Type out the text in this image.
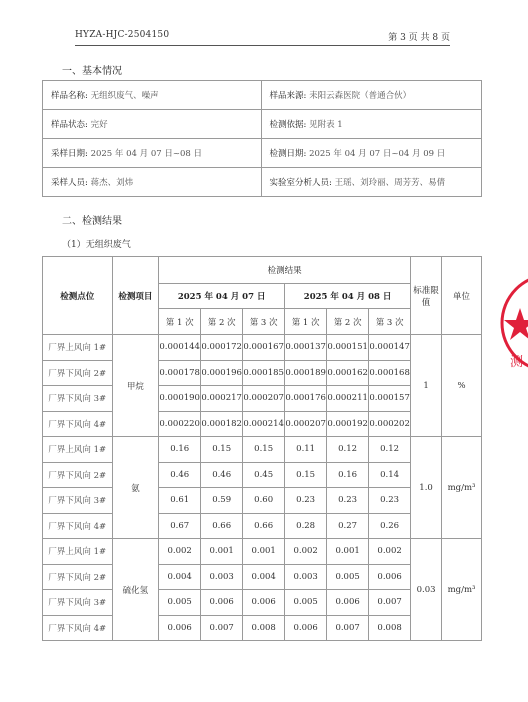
HYZA-HJC-2504150	第 3 页 共 8 页
一、基本情况
样品名称: 无组织废气、噪声	样品来源: 耒阳云森医院（普通合伙）
样品状态: 完好	检测依据: 见附表 1
采样日期: 2025 年 04 月 07 日~08 日	检测日期: 2025 年 04 月 07 日~04 月 09 日
采样人员: 蒋杰、刘炜	实验室分析人员: 王瑶、刘玲丽、周芳芳、易倩
二、检测结果
（1）无组织废气
检测点位	检测项目	检测结果						标准限值	单位
		2025 年 04 月 07 日			2025 年 04 月 08 日				
		第 1 次	第 2 次	第 3 次	第 1 次	第 2 次	第 3 次		
厂界上风向 1#	甲烷	0.000144	0.000172	0.000167	0.000137	0.000151	0.000147	1	%
厂界下风向 2#		0.000178	0.000196	0.000185	0.000189	0.000162	0.000168		
厂界下风向 3#		0.000190	0.000217	0.000207	0.000176	0.000211	0.000157		
厂界下风向 4#		0.000220	0.000182	0.000214	0.000207	0.000192	0.000202		
厂界上风向 1#	氨	0.16	0.15	0.15	0.11	0.12	0.12	1.0	mg/m³
厂界下风向 2#		0.46	0.46	0.45	0.15	0.16	0.14		
厂界下风向 3#		0.61	0.59	0.60	0.23	0.23	0.23		
厂界下风向 4#		0.67	0.66	0.66	0.28	0.27	0.26		
厂界上风向 1#	硫化氢	0.002	0.001	0.001	0.002	0.001	0.002	0.03	mg/m³
厂界下风向 2#		0.004	0.003	0.004	0.003	0.005	0.006		
厂界下风向 3#		0.005	0.006	0.006	0.005	0.006	0.007		
厂界下风向 4#		0.006	0.007	0.008	0.006	0.007	0.008		
测
